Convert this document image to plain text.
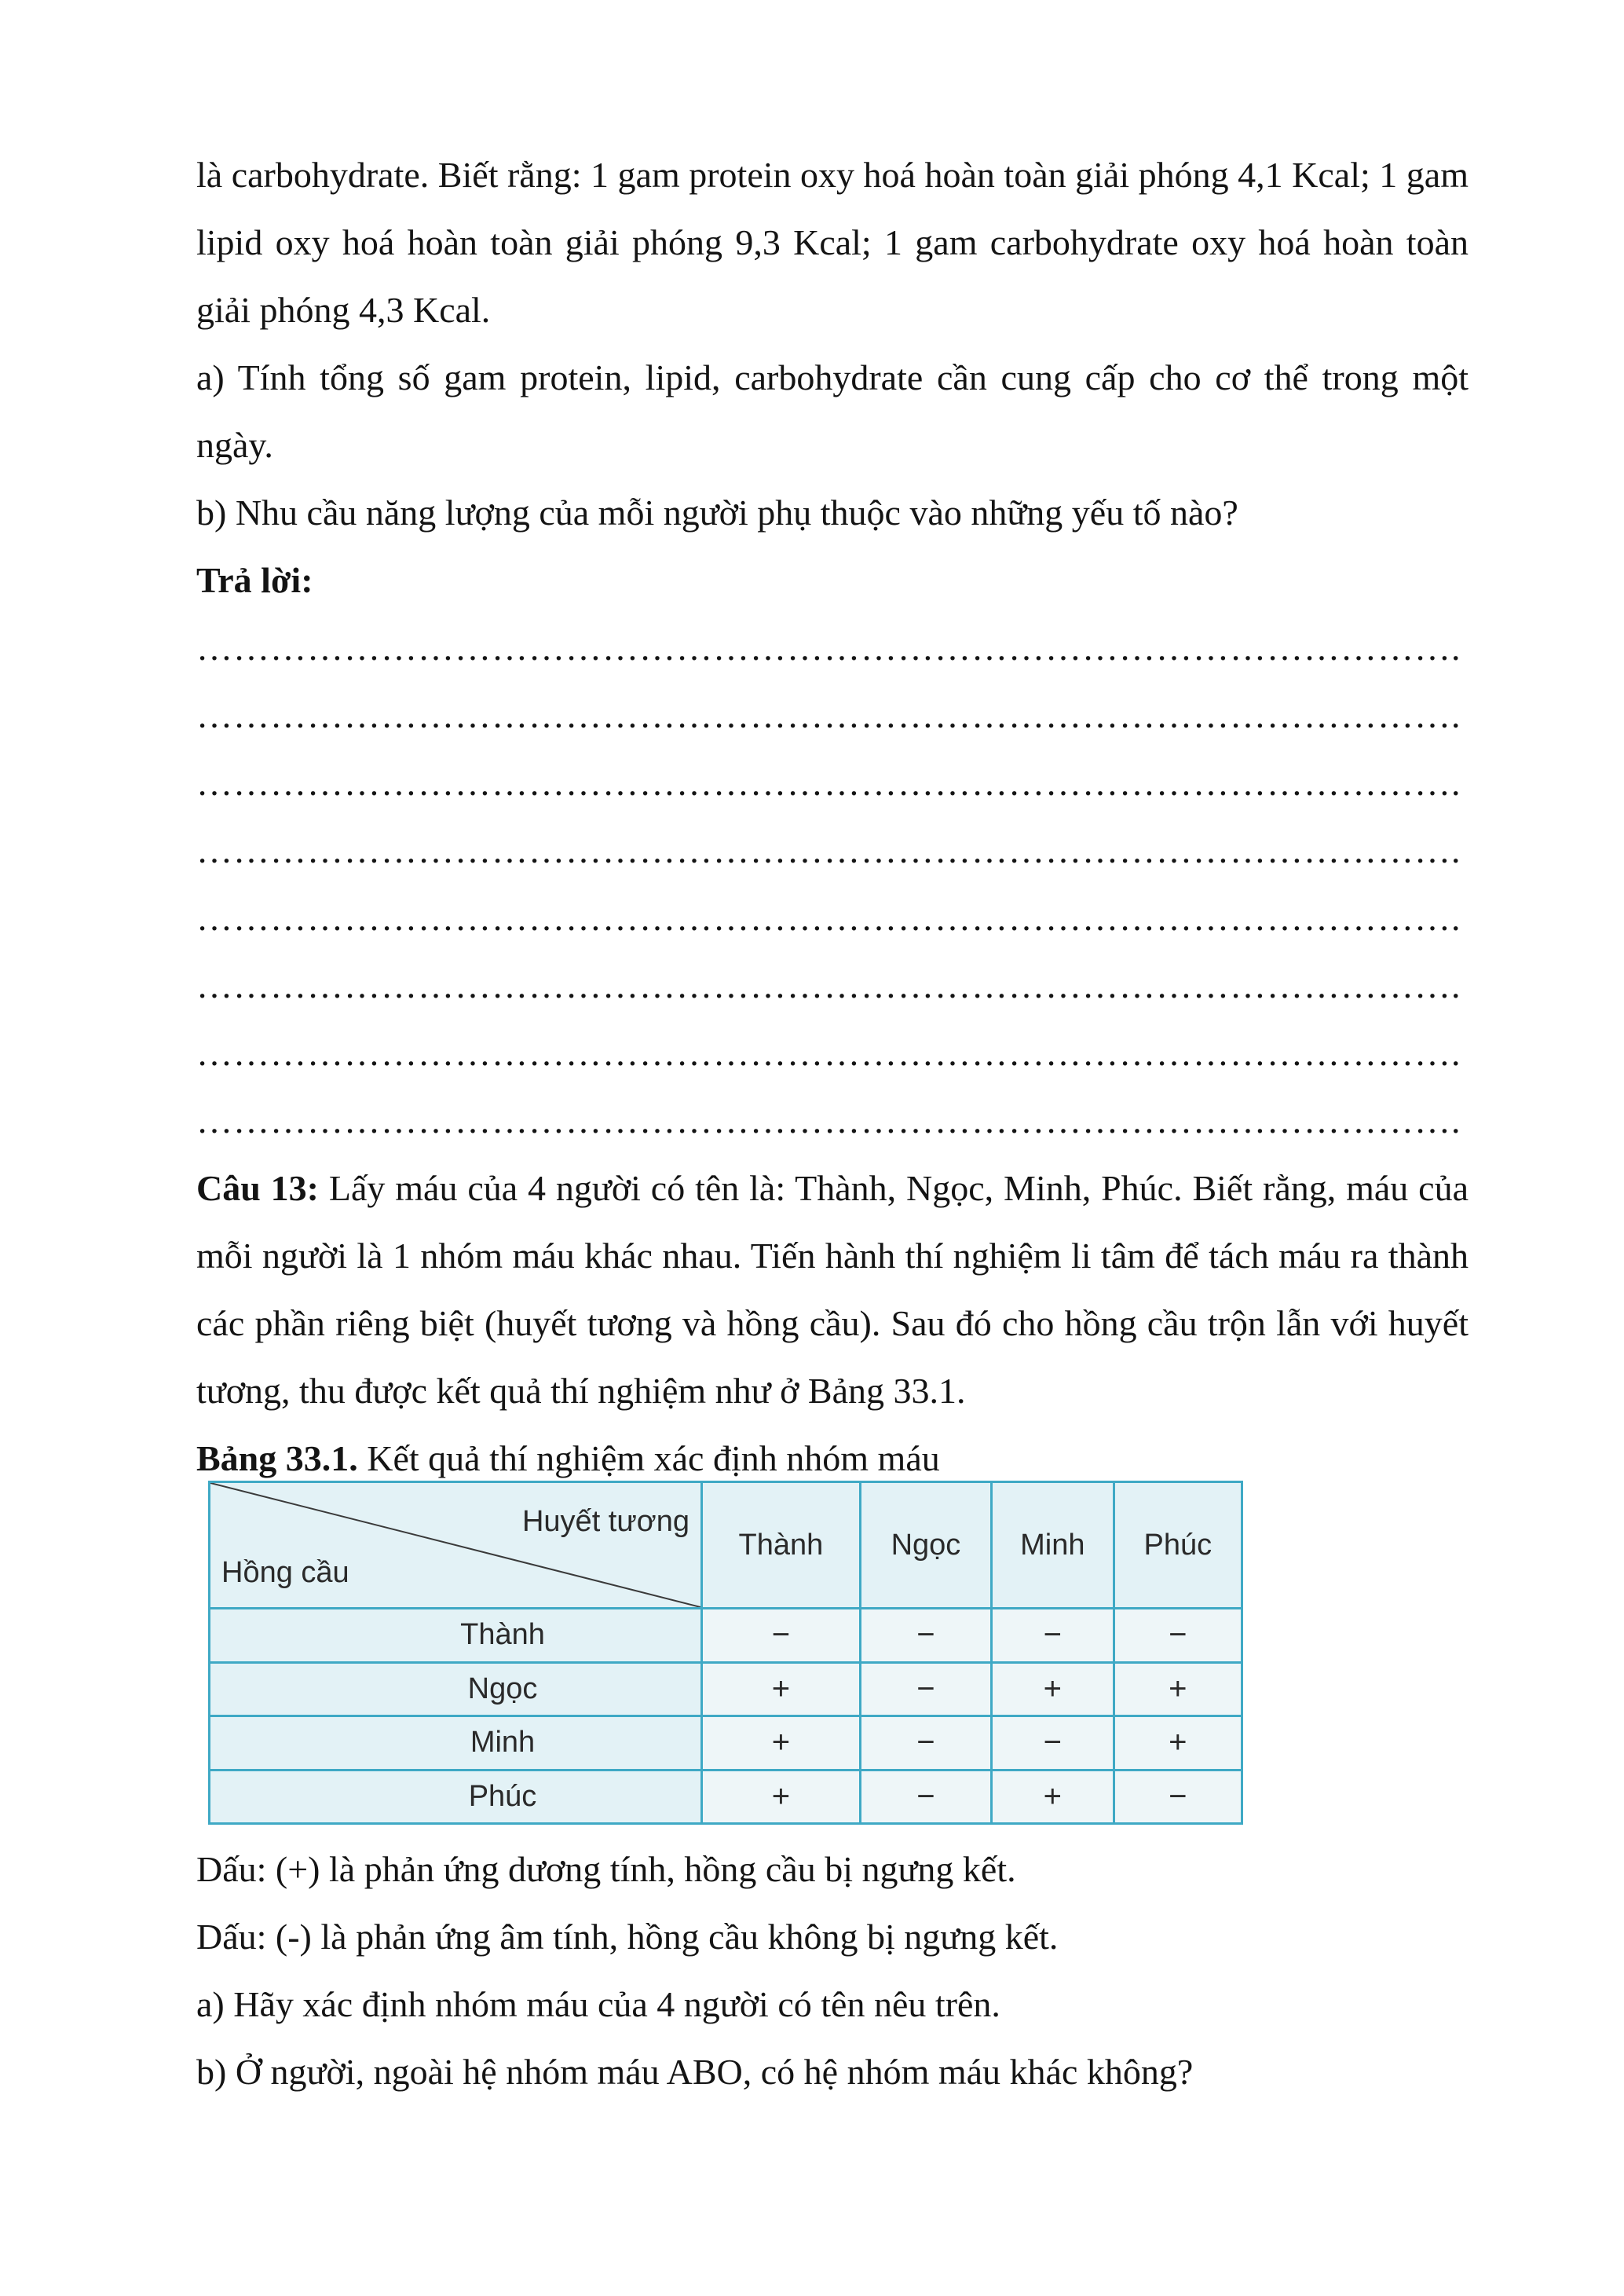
là carbohydrate. Biết rằng: 1 gam protein oxy hoá hoàn toàn giải phóng 4,1 Kcal; 1 gam lipid oxy hoá hoàn toàn giải phóng 9,3 Kcal; 1 gam carbohydrate oxy hoá hoàn toàn giải phóng 4,3 Kcal.

a) Tính tổng số gam protein, lipid, carbohydrate cần cung cấp cho cơ thể trong một ngày.

b) Nhu cầu năng lượng của mỗi người phụ thuộc vào những yếu tố nào?

Trả lời:

………………………………………………………………………………………….

………………………………………………………………………………………….

………………………………………………………………………………………….

………………………………………………………………………………………….

………………………………………………………………………………………….

………………………………………………………………………………………….

………………………………………………………………………………………….

………………………………………………………………………………………….

Câu 13: Lấy máu của 4 người có tên là: Thành, Ngọc, Minh, Phúc. Biết rằng, máu của mỗi người là 1 nhóm máu khác nhau. Tiến hành thí nghiệm li tâm để tách máu ra thành các phần riêng biệt (huyết tương và hồng cầu). Sau đó cho hồng cầu trộn lẫn với huyết tương, thu được kết quả thí nghiệm như ở Bảng 33.1.

Bảng 33.1. Kết quả thí nghiệm xác định nhóm máu

Huyết tương
Hồng cầu	Thành	Ngọc	Minh	Phúc
Thành	−	−	−	−
Ngọc	+	−	+	+
Minh	+	−	−	+
Phúc	+	−	+	−

Dấu: (+) là phản ứng dương tính, hồng cầu bị ngưng kết.

Dấu: (-) là phản ứng âm tính, hồng cầu không bị ngưng kết.

a) Hãy xác định nhóm máu của 4 người có tên nêu trên.

b) Ở người, ngoài hệ nhóm máu ABO, có hệ nhóm máu khác không?
